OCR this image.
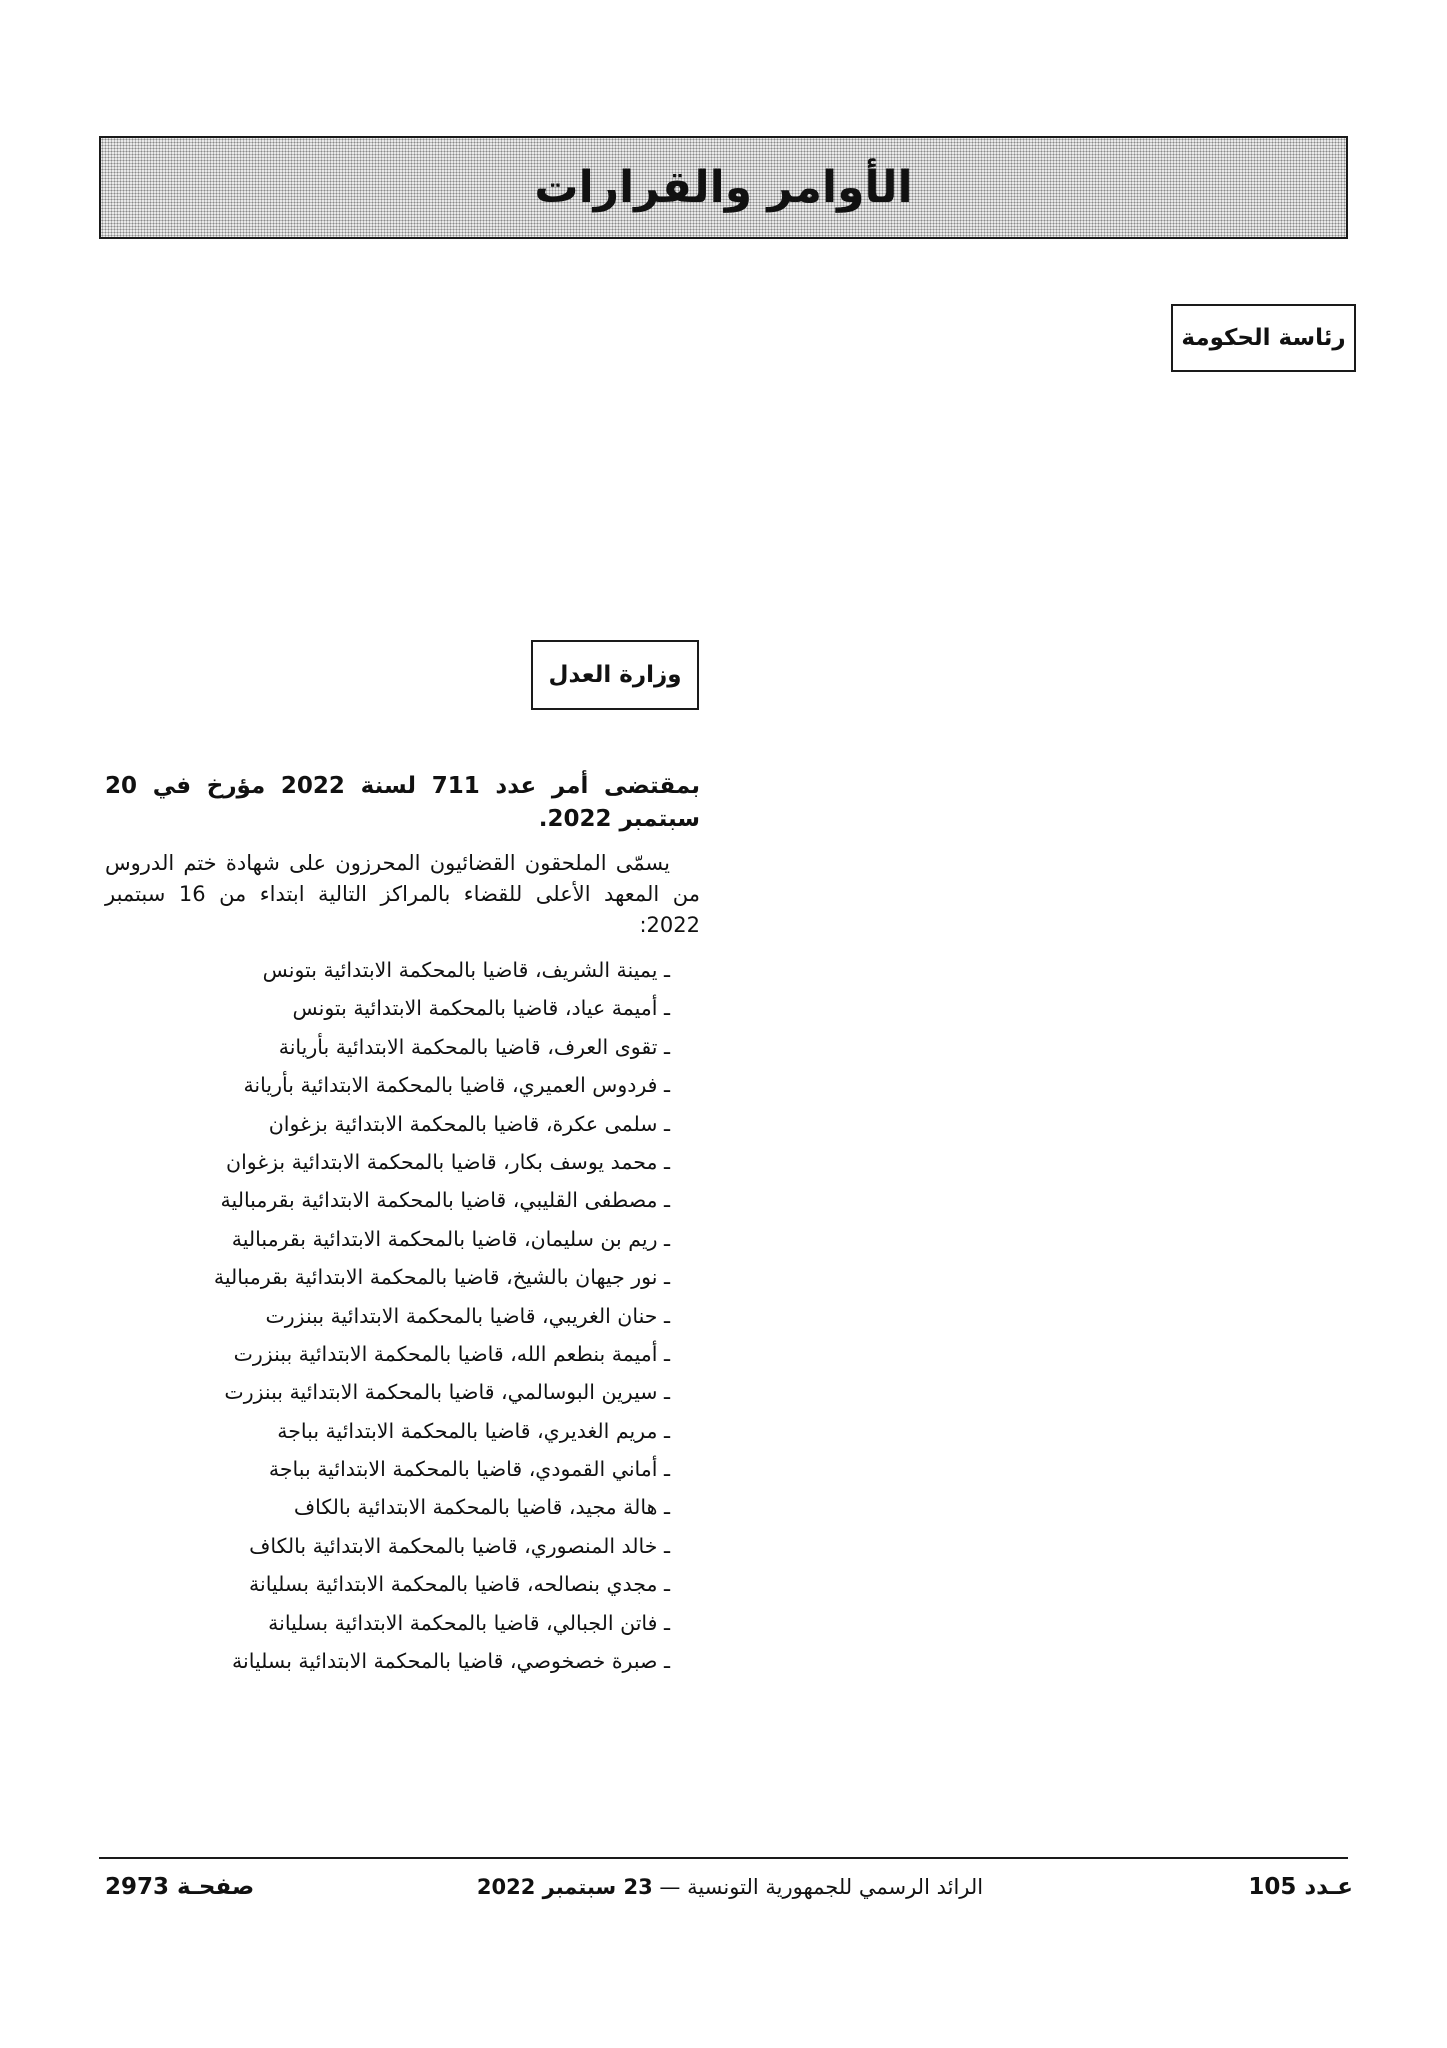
الأوامر والقرارات
رئاسة الحكومة
وزارة العدل

بمقتضى أمر عدد 711 لسنة 2022 مؤرخ في 20 سبتمبر 2022.

يسمّى الملحقون القضائيون المحرزون على شهادة ختم الدروس من المعهد الأعلى للقضاء بالمراكز التالية ابتداء من 16 سبتمبر 2022:

ـ يمينة الشريف، قاضيا بالمحكمة الابتدائية بتونس
ـ أميمة عياد، قاضيا بالمحكمة الابتدائية بتونس
ـ تقوى العرف، قاضيا بالمحكمة الابتدائية بأريانة
ـ فردوس العميري، قاضيا بالمحكمة الابتدائية بأريانة
ـ سلمى عكرة، قاضيا بالمحكمة الابتدائية بزغوان
ـ محمد يوسف بكار، قاضيا بالمحكمة الابتدائية بزغوان
ـ مصطفى القليبي، قاضيا بالمحكمة الابتدائية بقرمبالية
ـ ريم بن سليمان، قاضيا بالمحكمة الابتدائية بقرمبالية
ـ نور جيهان بالشيخ، قاضيا بالمحكمة الابتدائية بقرمبالية
ـ حنان الغريبي، قاضيا بالمحكمة الابتدائية ببنزرت
ـ أميمة بنطعم الله، قاضيا بالمحكمة الابتدائية ببنزرت
ـ سيرين البوسالمي، قاضيا بالمحكمة الابتدائية ببنزرت
ـ مريم الغديري، قاضيا بالمحكمة الابتدائية بباجة
ـ أماني القمودي، قاضيا بالمحكمة الابتدائية بباجة
ـ هالة مجيد، قاضيا بالمحكمة الابتدائية بالكاف
ـ خالد المنصوري، قاضيا بالمحكمة الابتدائية بالكاف
ـ مجدي بنصالحه، قاضيا بالمحكمة الابتدائية بسليانة
ـ فاتن الجبالي، قاضيا بالمحكمة الابتدائية بسليانة
ـ صبرة خصخوصي، قاضيا بالمحكمة الابتدائية بسليانة
عـدد 105
الرائد الرسمي للجمهورية التونسية — 23 سبتمبر 2022
صفحـة 2973
